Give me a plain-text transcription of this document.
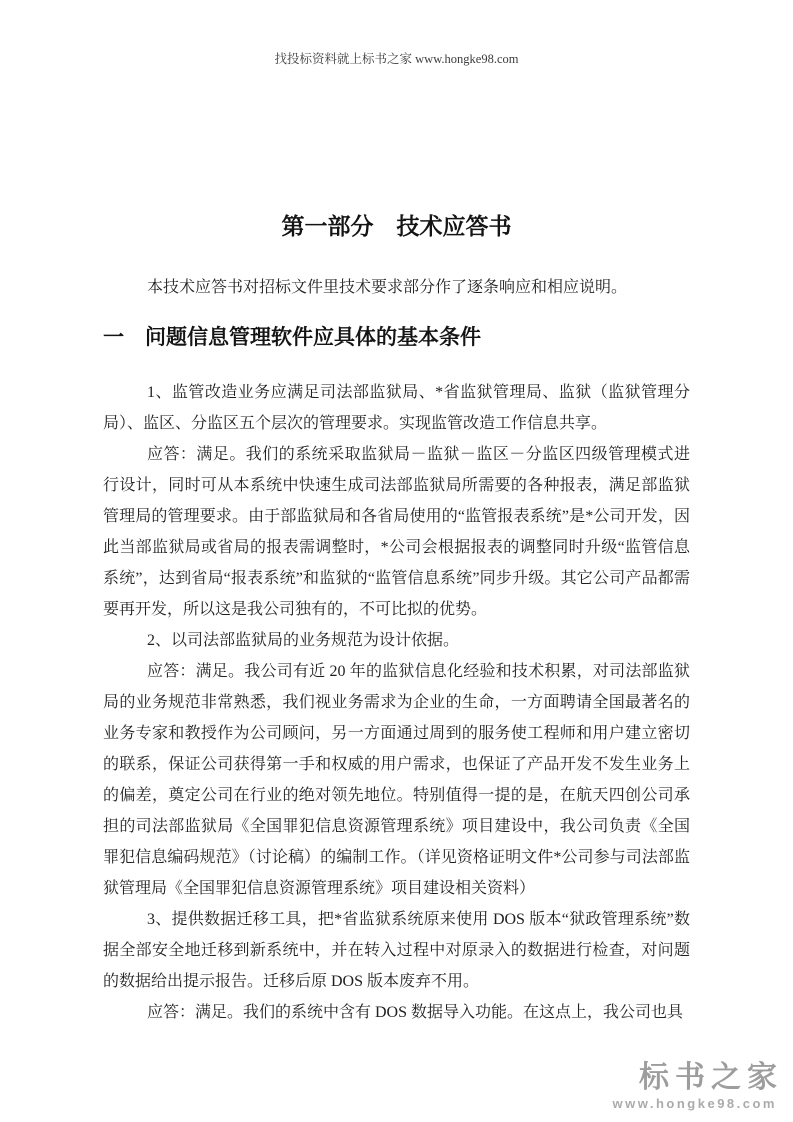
找投标资料就上标书之家 www.hongke98.com
第一部分　技术应答书

本技术应答书对招标文件里技术要求部分作了逐条响应和相应说明。

一　问题信息管理软件应具体的基本条件

1、监管改造业务应满足司法部监狱局、*省监狱管理局、监狱（监狱管理分局）、监区、分监区五个层次的管理要求。实现监管改造工作信息共享。

应答：满足。我们的系统采取监狱局－监狱－监区－分监区四级管理模式进行设计，同时可从本系统中快速生成司法部监狱局所需要的各种报表，满足部监狱管理局的管理要求。由于部监狱局和各省局使用的“监管报表系统”是*公司开发，因此当部监狱局或省局的报表需调整时，*公司会根据报表的调整同时升级“监管信息系统”，达到省局“报表系统”和监狱的“监管信息系统”同步升级。其它公司产品都需要再开发，所以这是我公司独有的，不可比拟的优势。

2、以司法部监狱局的业务规范为设计依据。

应答：满足。我公司有近 20 年的监狱信息化经验和技术积累，对司法部监狱局的业务规范非常熟悉，我们视业务需求为企业的生命，一方面聘请全国最著名的业务专家和教授作为公司顾问，另一方面通过周到的服务使工程师和用户建立密切的联系，保证公司获得第一手和权威的用户需求，也保证了产品开发不发生业务上的偏差，奠定公司在行业的绝对领先地位。特别值得一提的是，在航天四创公司承担的司法部监狱局《全国罪犯信息资源管理系统》项目建设中，我公司负责《全国罪犯信息编码规范》（讨论稿）的编制工作。（详见资格证明文件*公司参与司法部监狱管理局《全国罪犯信息资源管理系统》项目建设相关资料）

3、提供数据迁移工具，把*省监狱系统原来使用 DOS 版本“狱政管理系统”数据全部安全地迁移到新系统中，并在转入过程中对原录入的数据进行检查，对问题的数据给出提示报告。迁移后原 DOS 版本废弃不用。

应答：满足。我们的系统中含有 DOS 数据导入功能。在这点上，我公司也具

标书之家
www.hongke98.com
